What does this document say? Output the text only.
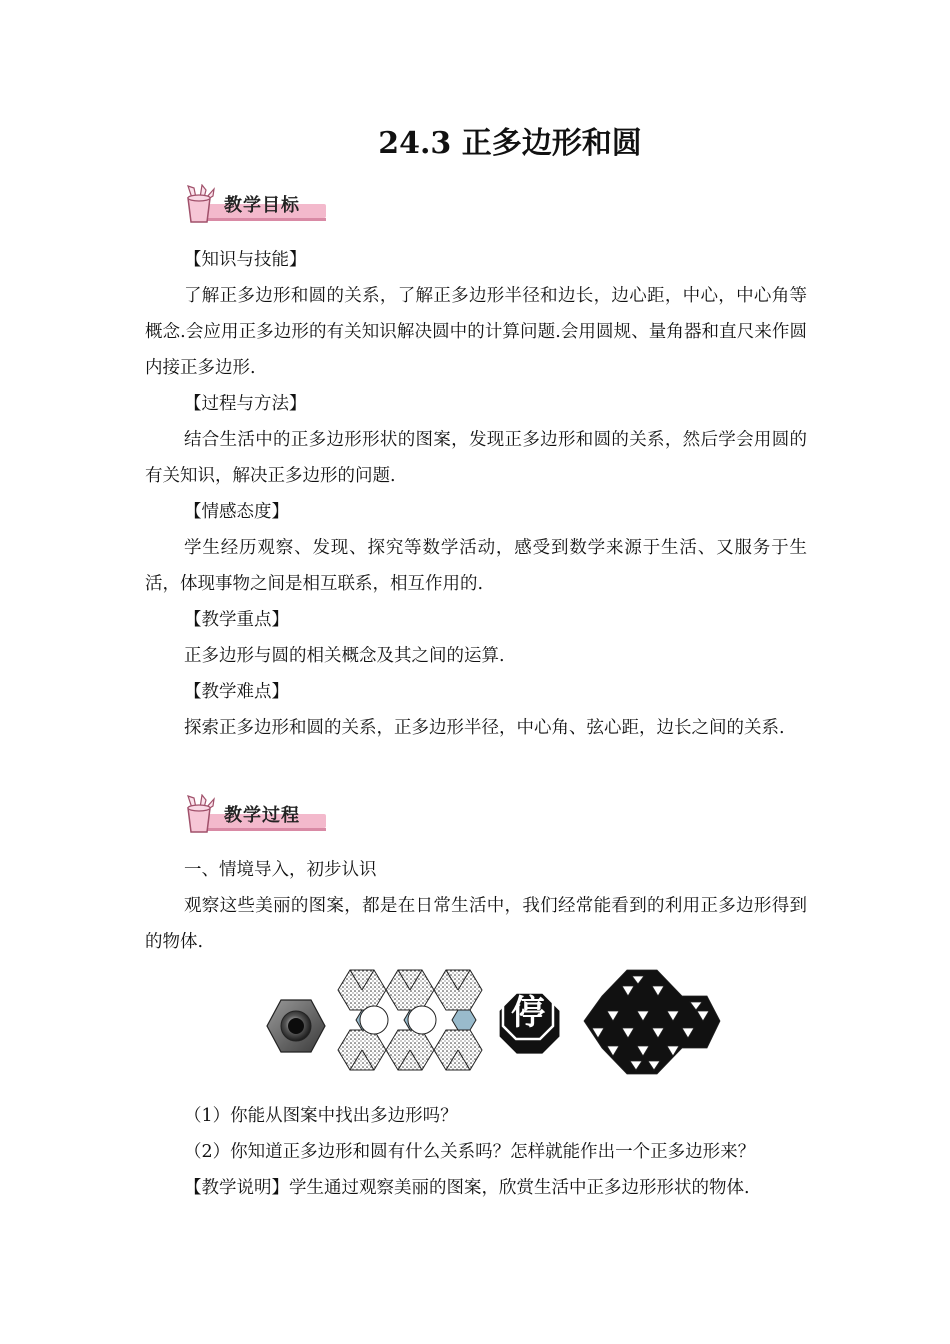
24.3 正多边形和圆
教学目标
【知识与技能】
了解正多边形和圆的关系，了解正多边形半径和边长，边心距，中心，中心角等概念.会应用正多边形的有关知识解决圆中的计算问题.会用圆规、量角器和直尺来作圆内接正多边形.
【过程与方法】
结合生活中的正多边形形状的图案，发现正多边形和圆的关系，然后学会用圆的有关知识，解决正多边形的问题.
【情感态度】
学生经历观察、发现、探究等数学活动，感受到数学来源于生活、又服务于生活，体现事物之间是相互联系，相互作用的.
【教学重点】
正多边形与圆的相关概念及其之间的运算.
【教学难点】
探索正多边形和圆的关系，正多边形半径，中心角、弦心距，边长之间的关系.
教学过程
一、情境导入，初步认识
观察这些美丽的图案，都是在日常生活中，我们经常能看到的利用正多边形得到的物体.
停
（1）你能从图案中找出多边形吗？
（2）你知道正多边形和圆有什么关系吗？怎样就能作出一个正多边形来？
【教学说明】学生通过观察美丽的图案，欣赏生活中正多边形形状的物体.
